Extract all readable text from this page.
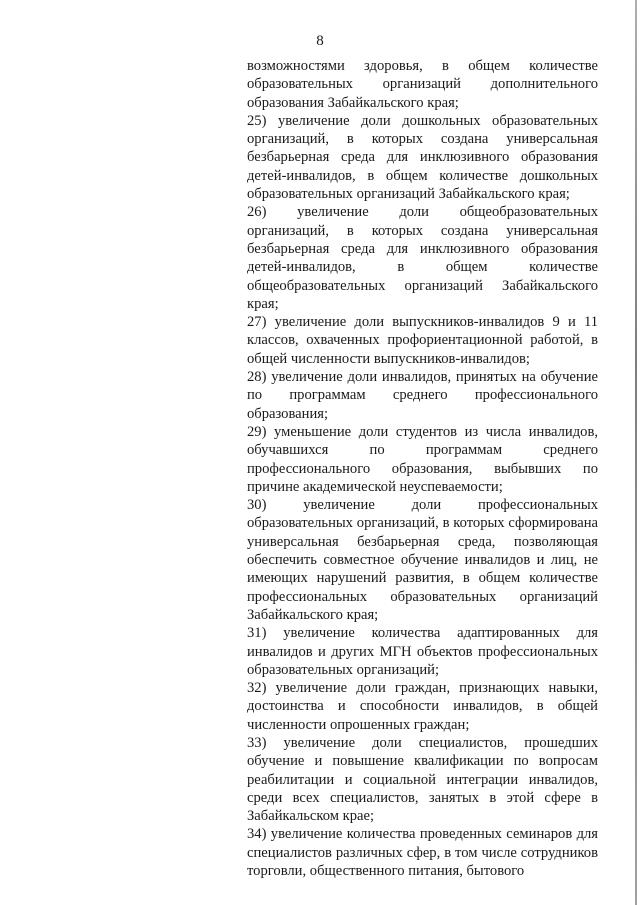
8

возможностями здоровья, в общем количестве образовательных организаций дополнительного образования Забайкальского края;

25) увеличение доли дошкольных образовательных организаций, в которых создана универсальная безбарьерная среда для инклюзивного образования детей-инвалидов, в общем количестве дошкольных образовательных организаций Забайкальского края;

26) увеличение доли общеобразовательных организаций, в которых создана универсальная безбарьерная среда для инклюзивного образования детей-инвалидов, в общем количестве общеобразовательных организаций Забайкальского края;

27) увеличение доли выпускников-инвалидов 9 и 11 классов, охваченных профориентационной работой, в общей численности выпускников-инвалидов;

28) увеличение доли инвалидов, принятых на обучение по программам среднего профессионального образования;

29) уменьшение доли студентов из числа инвалидов, обучавшихся по программам среднего профессионального образования, выбывших по причине академической неуспеваемости;

30) увеличение доли профессиональных образовательных организаций, в которых сформирована универсальная безбарьерная среда, позволяющая обеспечить совместное обучение инвалидов и лиц, не имеющих нарушений развития, в общем количестве профессиональных образовательных организаций Забайкальского края;

31) увеличение количества адаптированных для инвалидов и других МГН объектов профессиональных образовательных организаций;

32) увеличение доли граждан, признающих навыки, достоинства и способности инвалидов, в общей численности опрошенных граждан;

33) увеличение доли специалистов, прошедших обучение и повышение квалификации по вопросам реабилитации и социальной интеграции инвалидов, среди всех специалистов, занятых в этой сфере в Забайкальском крае;

34) увеличение количества проведенных семинаров для специалистов различных сфер, в том числе сотрудников торговли, общественного питания, бытового
